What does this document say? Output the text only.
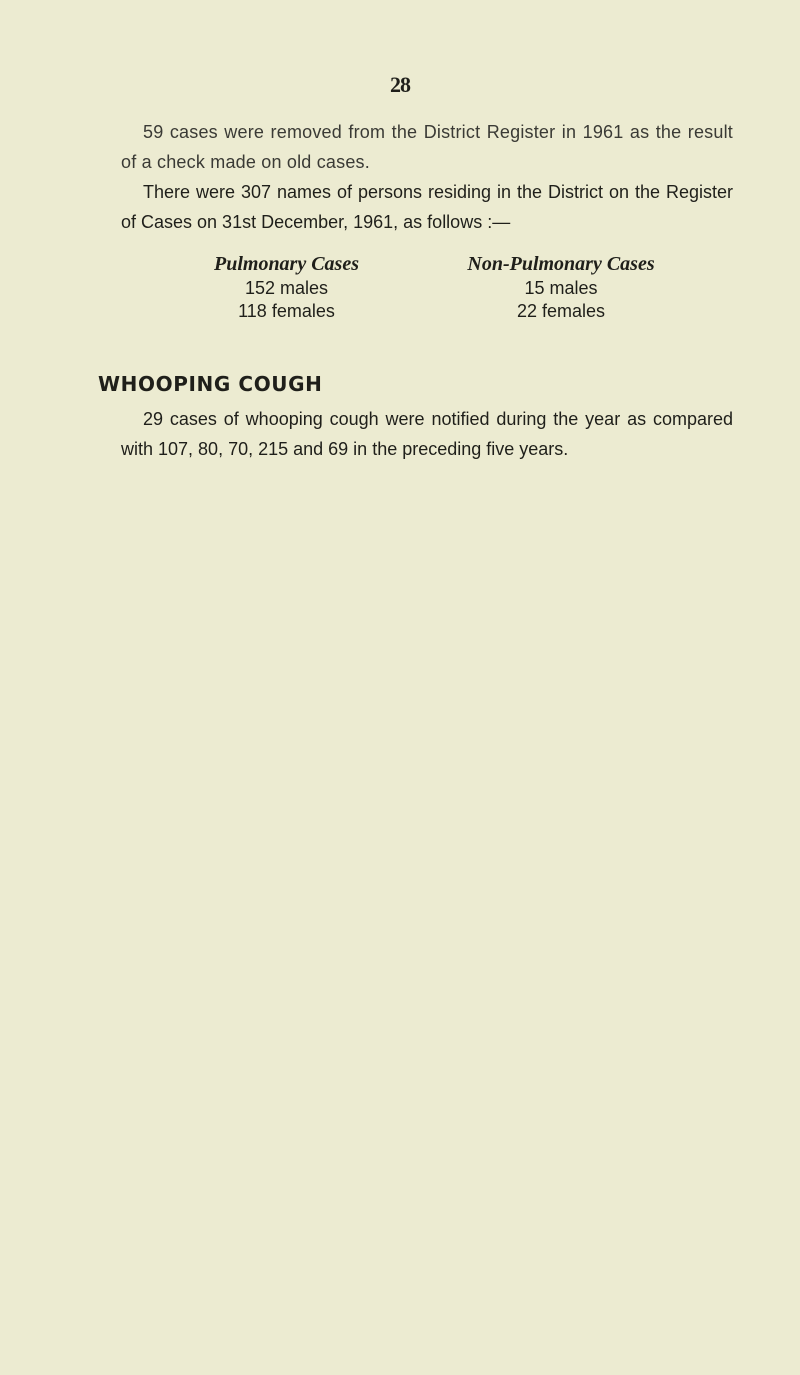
28

59 cases were removed from the District Register in 1961 as the result of a check made on old cases.

There were 307 names of persons residing in the District on the Register of Cases on 31st December, 1961, as follows :—

Pulmonary Cases
152 males
118 females
Non-Pulmonary Cases
15 males
22 females
WHOOPING COUGH

29 cases of whooping cough were notified during the year as compared with 107, 80, 70, 215 and 69 in the preceding five years.
